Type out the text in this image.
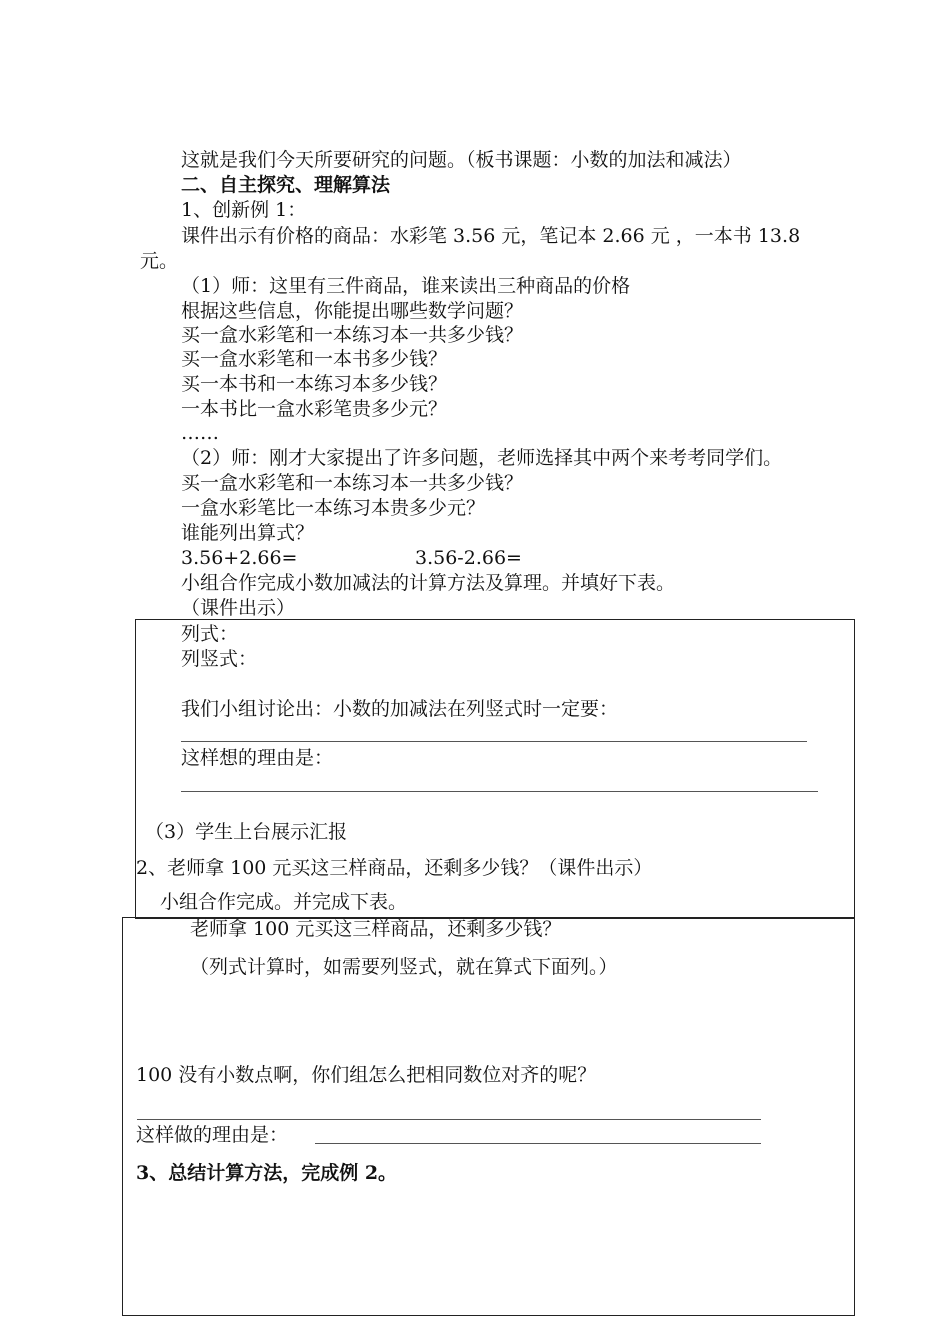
这就是我们今天所要研究的问题。（板书课题：小数的加法和减法）
二、自主探究、理解算法
1、创新例 1：
课件出示有价格的商品：水彩笔 3.56 元，笔记本 2.66 元 ，一本书 13.8
元。
（1）师：这里有三件商品，谁来读出三种商品的价格
根据这些信息，你能提出哪些数学问题？
买一盒水彩笔和一本练习本一共多少钱？
买一盒水彩笔和一本书多少钱？
买一本书和一本练习本多少钱？
一本书比一盒水彩笔贵多少元？
……
（2）师：刚才大家提出了许多问题，老师选择其中两个来考考同学们。
买一盒水彩笔和一本练习本一共多少钱？
一盒水彩笔比一本练习本贵多少元？
谁能列出算式？
3.56+2.66=	3.56-2.66=
小组合作完成小数加减法的计算方法及算理。并填好下表。
（课件出示）
列式：
列竖式：
我们小组讨论出：小数的加减法在列竖式时一定要：
这样想的理由是：
（3）学生上台展示汇报
2、老师拿 100 元买这三样商品，还剩多少钱？（课件出示）
小组合作完成。并完成下表。
老师拿 100 元买这三样商品，还剩多少钱？
（列式计算时，如需要列竖式，就在算式下面列。）
100 没有小数点啊，你们组怎么把相同数位对齐的呢？
这样做的理由是：
3、总结计算方法，完成例 2。
